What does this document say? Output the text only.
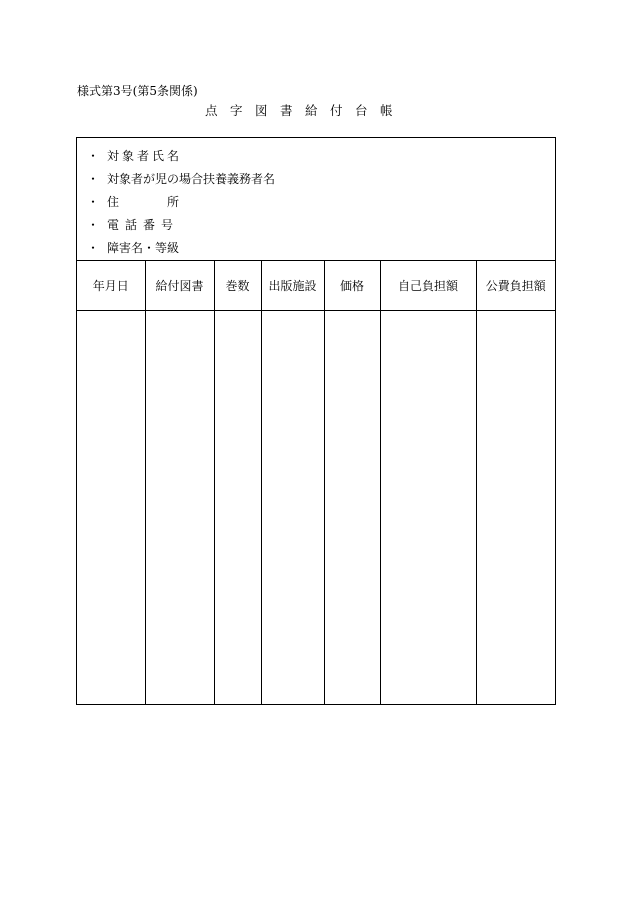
様式第3号(第5条関係)
点字図書給付台帳
・ 対象者氏名
・ 対象者が児の場合扶養義務者名
・ 住　　　　所
・ 電話番号
・ 障害名・等級
年月日	給付図書	巻数	出版施設	価格	自己負担額	公費負担額
